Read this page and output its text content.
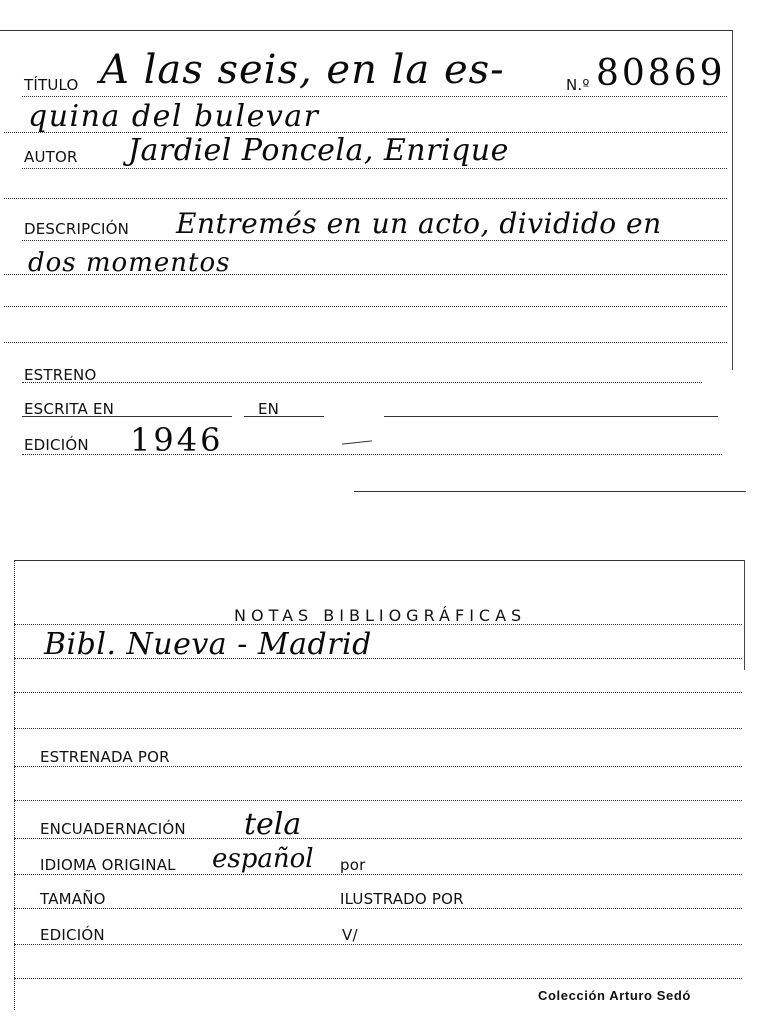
TÍTULO A las seis, en la es-	N.º 80869
quina del bulevar
AUTOR Jardiel Poncela, Enrique
DESCRIPCIÓN Entremés en un acto, dividido en
dos momentos
ESTRENO
ESCRITA EN	EN
EDICIÓN 1946
NOTAS BIBLIOGRÁFICAS
Bibl. Nueva - Madrid
ESTRENADA POR
ENCUADERNACIÓN tela
IDIOMA ORIGINAL español por
TAMAÑO	ILUSTRADO POR
EDICIÓN	V/
Colección Arturo Sedó
